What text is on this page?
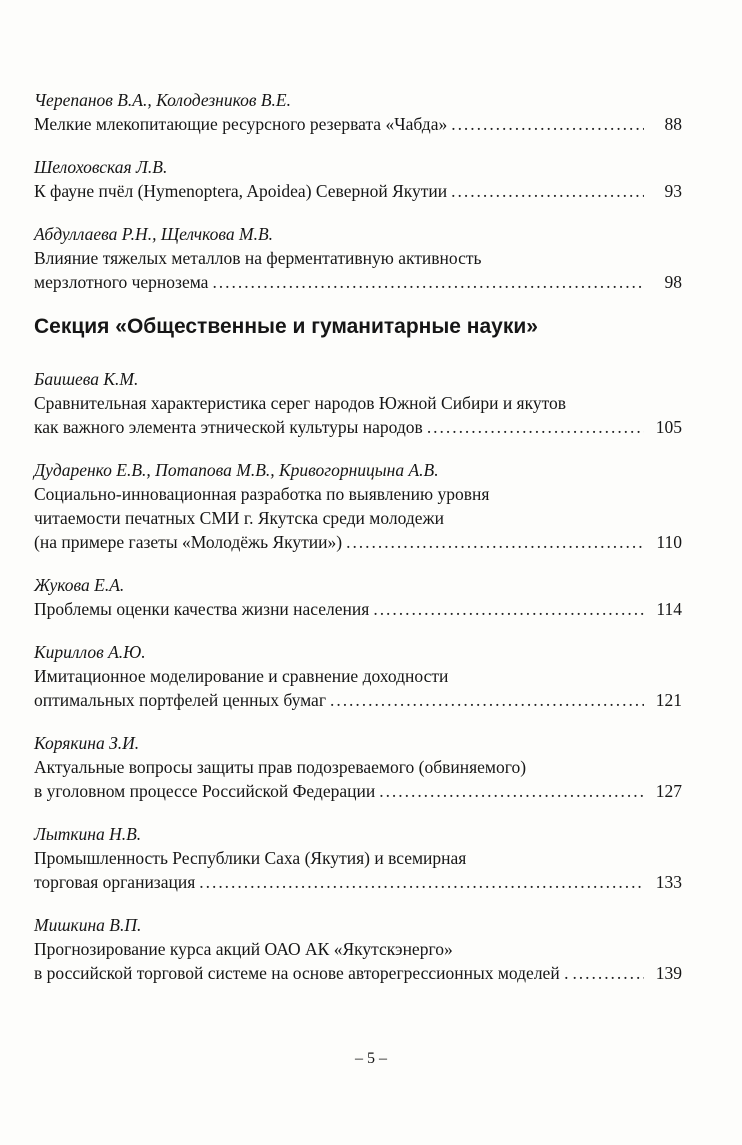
Черепанов В.А., Колодезников В.Е.
Мелкие млекопитающие ресурсного резервата «Чабда» . . .	88
Шелоховская Л.В.
К фауне пчёл (Hymenoptera, Apoidea) Северной Якутии . . .	93
Абдуллаева Р.Н., Щелчкова М.В.
Влияние тяжелых металлов на ферментативную активность
мерзлотного чернозема . . .	98
Секция «Общественные и гуманитарные науки»
Баишева К.М.
Сравнительная характеристика серег народов Южной Сибири и якутов
как важного элемента этнической культуры народов . . .	105
Дударенко Е.В., Потапова М.В., Кривогорницына А.В.
Социально-инновационная разработка по выявлению уровня
читаемости печатных СМИ г. Якутска среди молодежи
(на примере газеты «Молодёжь Якутии») . . .	110
Жукова Е.А.
Проблемы оценки качества жизни населения . . .	114
Кириллов А.Ю.
Имитационное моделирование и сравнение доходности
оптимальных портфелей ценных бумаг . . .	121
Корякина З.И.
Актуальные вопросы защиты прав подозреваемого (обвиняемого)
в уголовном процессе Российской Федерации . . .	127
Лыткина Н.В.
Промышленность Республики Саха (Якутия) и всемирная
торговая организация . . .	133
Мишкина В.П.
Прогнозирование курса акций ОАО АК «Якутскэнерго»
в российской торговой системе на основе авторегрессионных моделей . . . .	139
– 5 –
